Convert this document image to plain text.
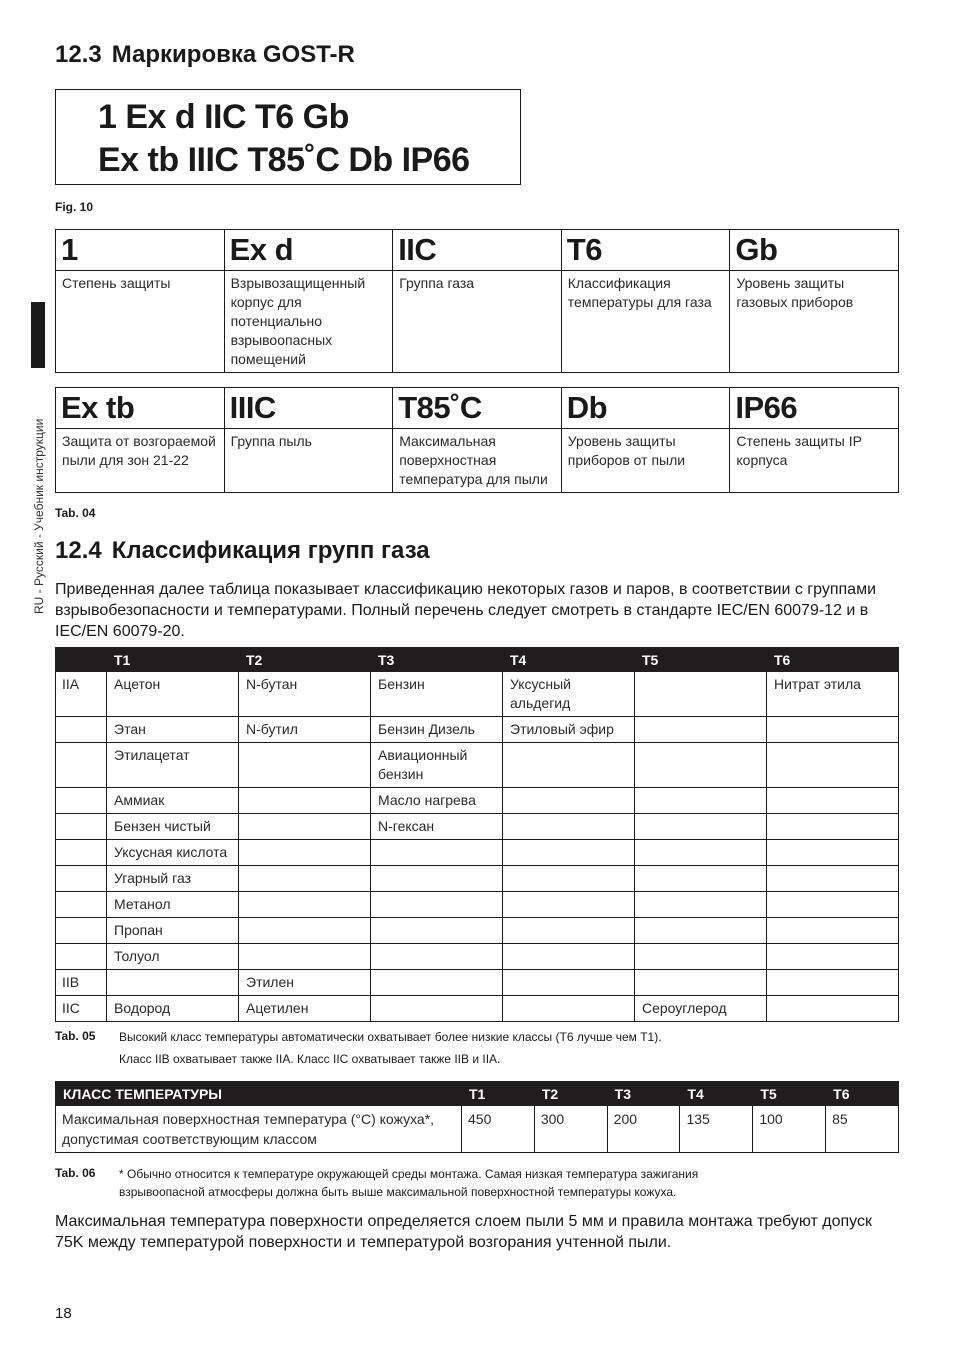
RU - Русский - Учебник инструкции
12.3 Маркировка GOST-R
1 Ex d IIC T6 Gb
Ex tb IIIC T85˚C Db IP66
Fig. 10
1	Ex d	IIC	T6	Gb
Степень защиты	Взрывозащищенный корпус для потенциально взрывоопасных помещений	Группа газа	Классификация температуры для газа	Уровень защиты газовых приборов
Ex tb	IIIC	T85˚C	Db	IP66
Защита от возгораемой пыли для зон 21-22	Группа пыль	Максимальная поверхностная температура для пыли	Уровень защиты приборов от пыли	Степень защиты IP корпуса
Tab. 04
12.4 Классификация групп газа
Приведенная далее таблица показывает классификацию некоторых газов и паров, в соответствии с группами взрывобезопасности и температурами. Полный перечень следует смотреть в стандарте IEC/EN 60079-12 и в IEC/EN 60079-20.
	T1	T2	T3	T4	T5	T6
IIA	Ацетон	N-бутан	Бензин	Уксусный альдегид		Нитрат этила
	Этан	N-бутил	Бензин Дизель	Этиловый эфир		
	Этилацетат		Авиационный бензин			
	Аммиак		Масло нагрева			
	Бензен чистый		N-гексан			
	Уксусная кислота					
	Угарный газ					
	Метанол					
	Пропан					
	Толуол					
IIB		Этилен				
IIC	Водород	Ацетилен			Сероуглерод	
Tab. 05 Высокий класс температуры автоматически охватывает более низкие классы (T6 лучше чем T1).
Класс IIB охватывает также IIA. Класс IIC охватывает также IIB и IIA.
КЛАСС ТЕМПЕРАТУРЫ	T1	T2	T3	T4	T5	T6
Максимальная поверхностная температура (°C) кожуха*, допустимая соответствующим классом	450	300	200	135	100	85
Tab. 06 * Обычно относится к температуре окружающей среды монтажа. Самая низкая температура зажигания
взрывоопасной атмосферы должна быть выше максимальной поверхностной температуры кожуха.
Максимальная температура поверхности определяется слоем пыли 5 мм и правила монтажа требуют допуск 75K между температурой поверхности и температурой возгорания учтенной пыли.
18
